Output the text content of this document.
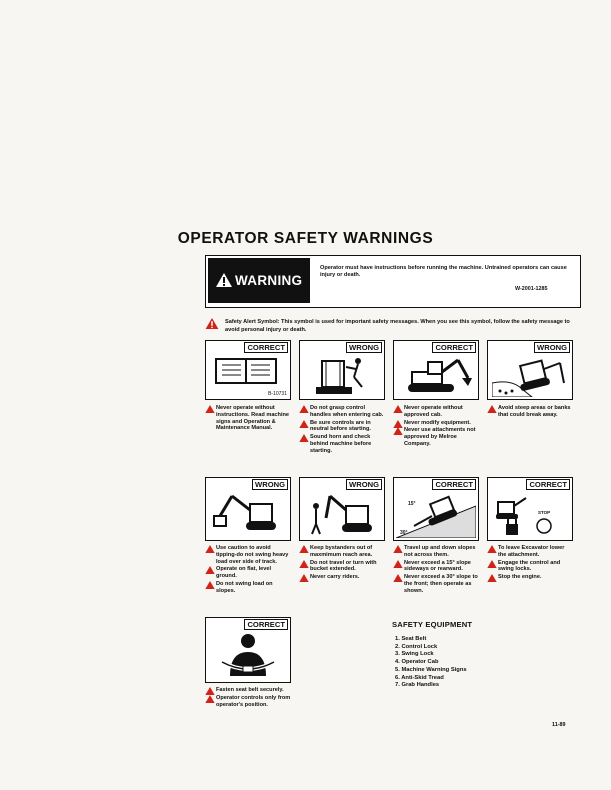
OPERATOR SAFETY WARNINGS
WARNING
Operator must have instructions before running the machine. Untrained operators can cause injury or death.
W-2001-1285
Safety Alert Symbol: This symbol is used for important safety messages. When you see this symbol, follow the safety message to avoid personal injury or death.
CORRECT
B-10731
WRONG	CORRECT	WRONG
Never operate without instructions. Read machine signs and Operation & Maintenance Manual.
Do not grasp control handles when entering cab.
Be sure controls are in neutral before starting.
Sound horn and check behind machine before starting.
Never operate without approved cab.
Never modify equipment.
Never use attachments not approved by Melroe Company.
Avoid steep areas or banks that could break away.
WRONG	WRONG	CORRECT
15°
30°
CORRECT
STOP
Use caution to avoid tipping-do not swing heavy load over side of track.
Operate on flat, level ground.
Do not swing load on slopes.
Keep bystanders out of maxmimum reach area.
Do not travel or turn with bucket extended.
Never carry riders.
Travel up and down slopes not across them.
Never exceed a 15° slope sideways or rearward.
Never exceed a 30° slope to the front; then operate as shown.
To leave Excavator lower the attachment.
Engage the control and swing locks.
Stop the engine.
CORRECT
Fasten seat belt securely.
Operator controls only from operator's position.
SAFETY EQUIPMENT
1. Seat Belt
2. Control Lock
3. Swing Lock
4. Operator Cab
5. Machine Warning Signs
6. Anti-Skid Tread
7. Grab Handles
11-89
